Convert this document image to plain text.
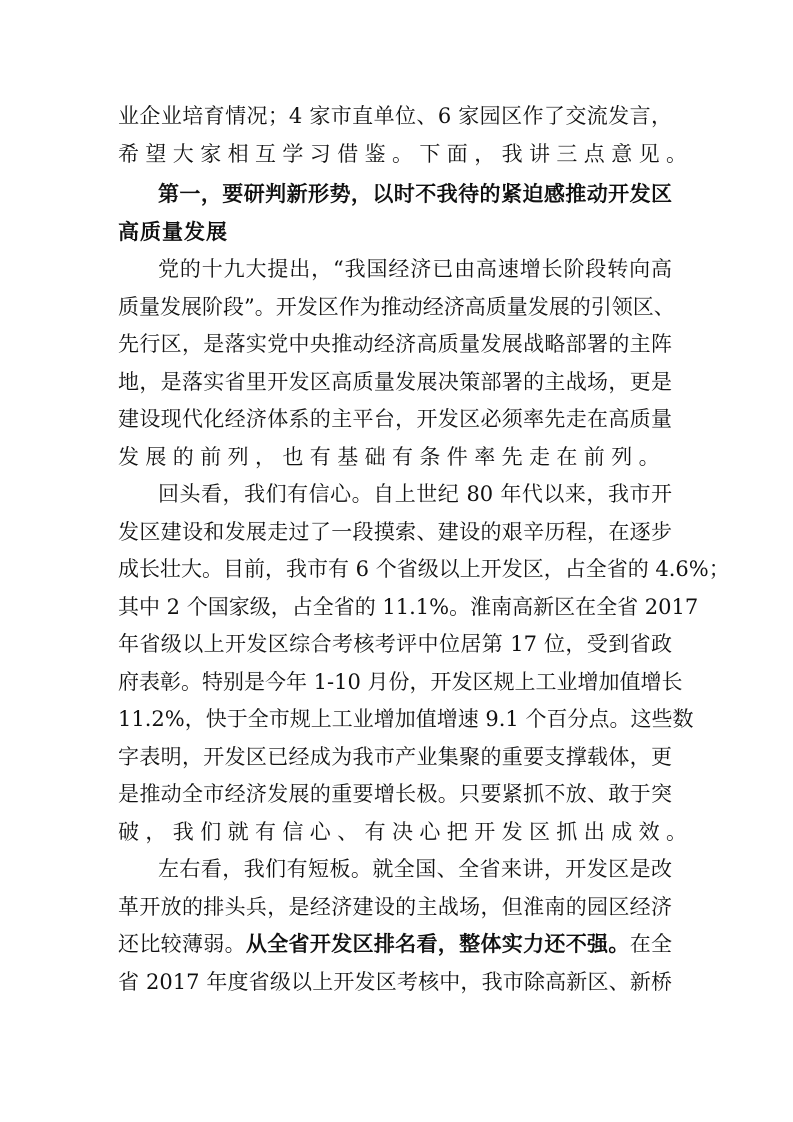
业企业培育情况；4 家市直单位、6 家园区作了交流发言，
希望大家相互学习借鉴。下面，我讲三点意见。
第一，要研判新形势，以时不我待的紧迫感推动开发区
高质量发展
党的十九大提出，“我国经济已由高速增长阶段转向高
质量发展阶段”。开发区作为推动经济高质量发展的引领区、
先行区，是落实党中央推动经济高质量发展战略部署的主阵
地，是落实省里开发区高质量发展决策部署的主战场，更是
建设现代化经济体系的主平台，开发区必须率先走在高质量
发展的前列，也有基础有条件率先走在前列。
回头看，我们有信心。自上世纪 80 年代以来，我市开
发区建设和发展走过了一段摸索、建设的艰辛历程，在逐步
成长壮大。目前，我市有 6 个省级以上开发区，占全省的 4.6%；
其中 2 个国家级，占全省的 11.1%。淮南高新区在全省 2017
年省级以上开发区综合考核考评中位居第 17 位，受到省政
府表彰。特别是今年 1-10 月份，开发区规上工业增加值增长
11.2%，快于全市规上工业增加值增速 9.1 个百分点。这些数
字表明，开发区已经成为我市产业集聚的重要支撑载体，更
是推动全市经济发展的重要增长极。只要紧抓不放、敢于突
破，我们就有信心、有决心把开发区抓出成效。
左右看，我们有短板。就全国、全省来讲，开发区是改
革开放的排头兵，是经济建设的主战场，但淮南的园区经济
还比较薄弱。从全省开发区排名看，整体实力还不强。在全
省 2017 年度省级以上开发区考核中，我市除高新区、新桥
